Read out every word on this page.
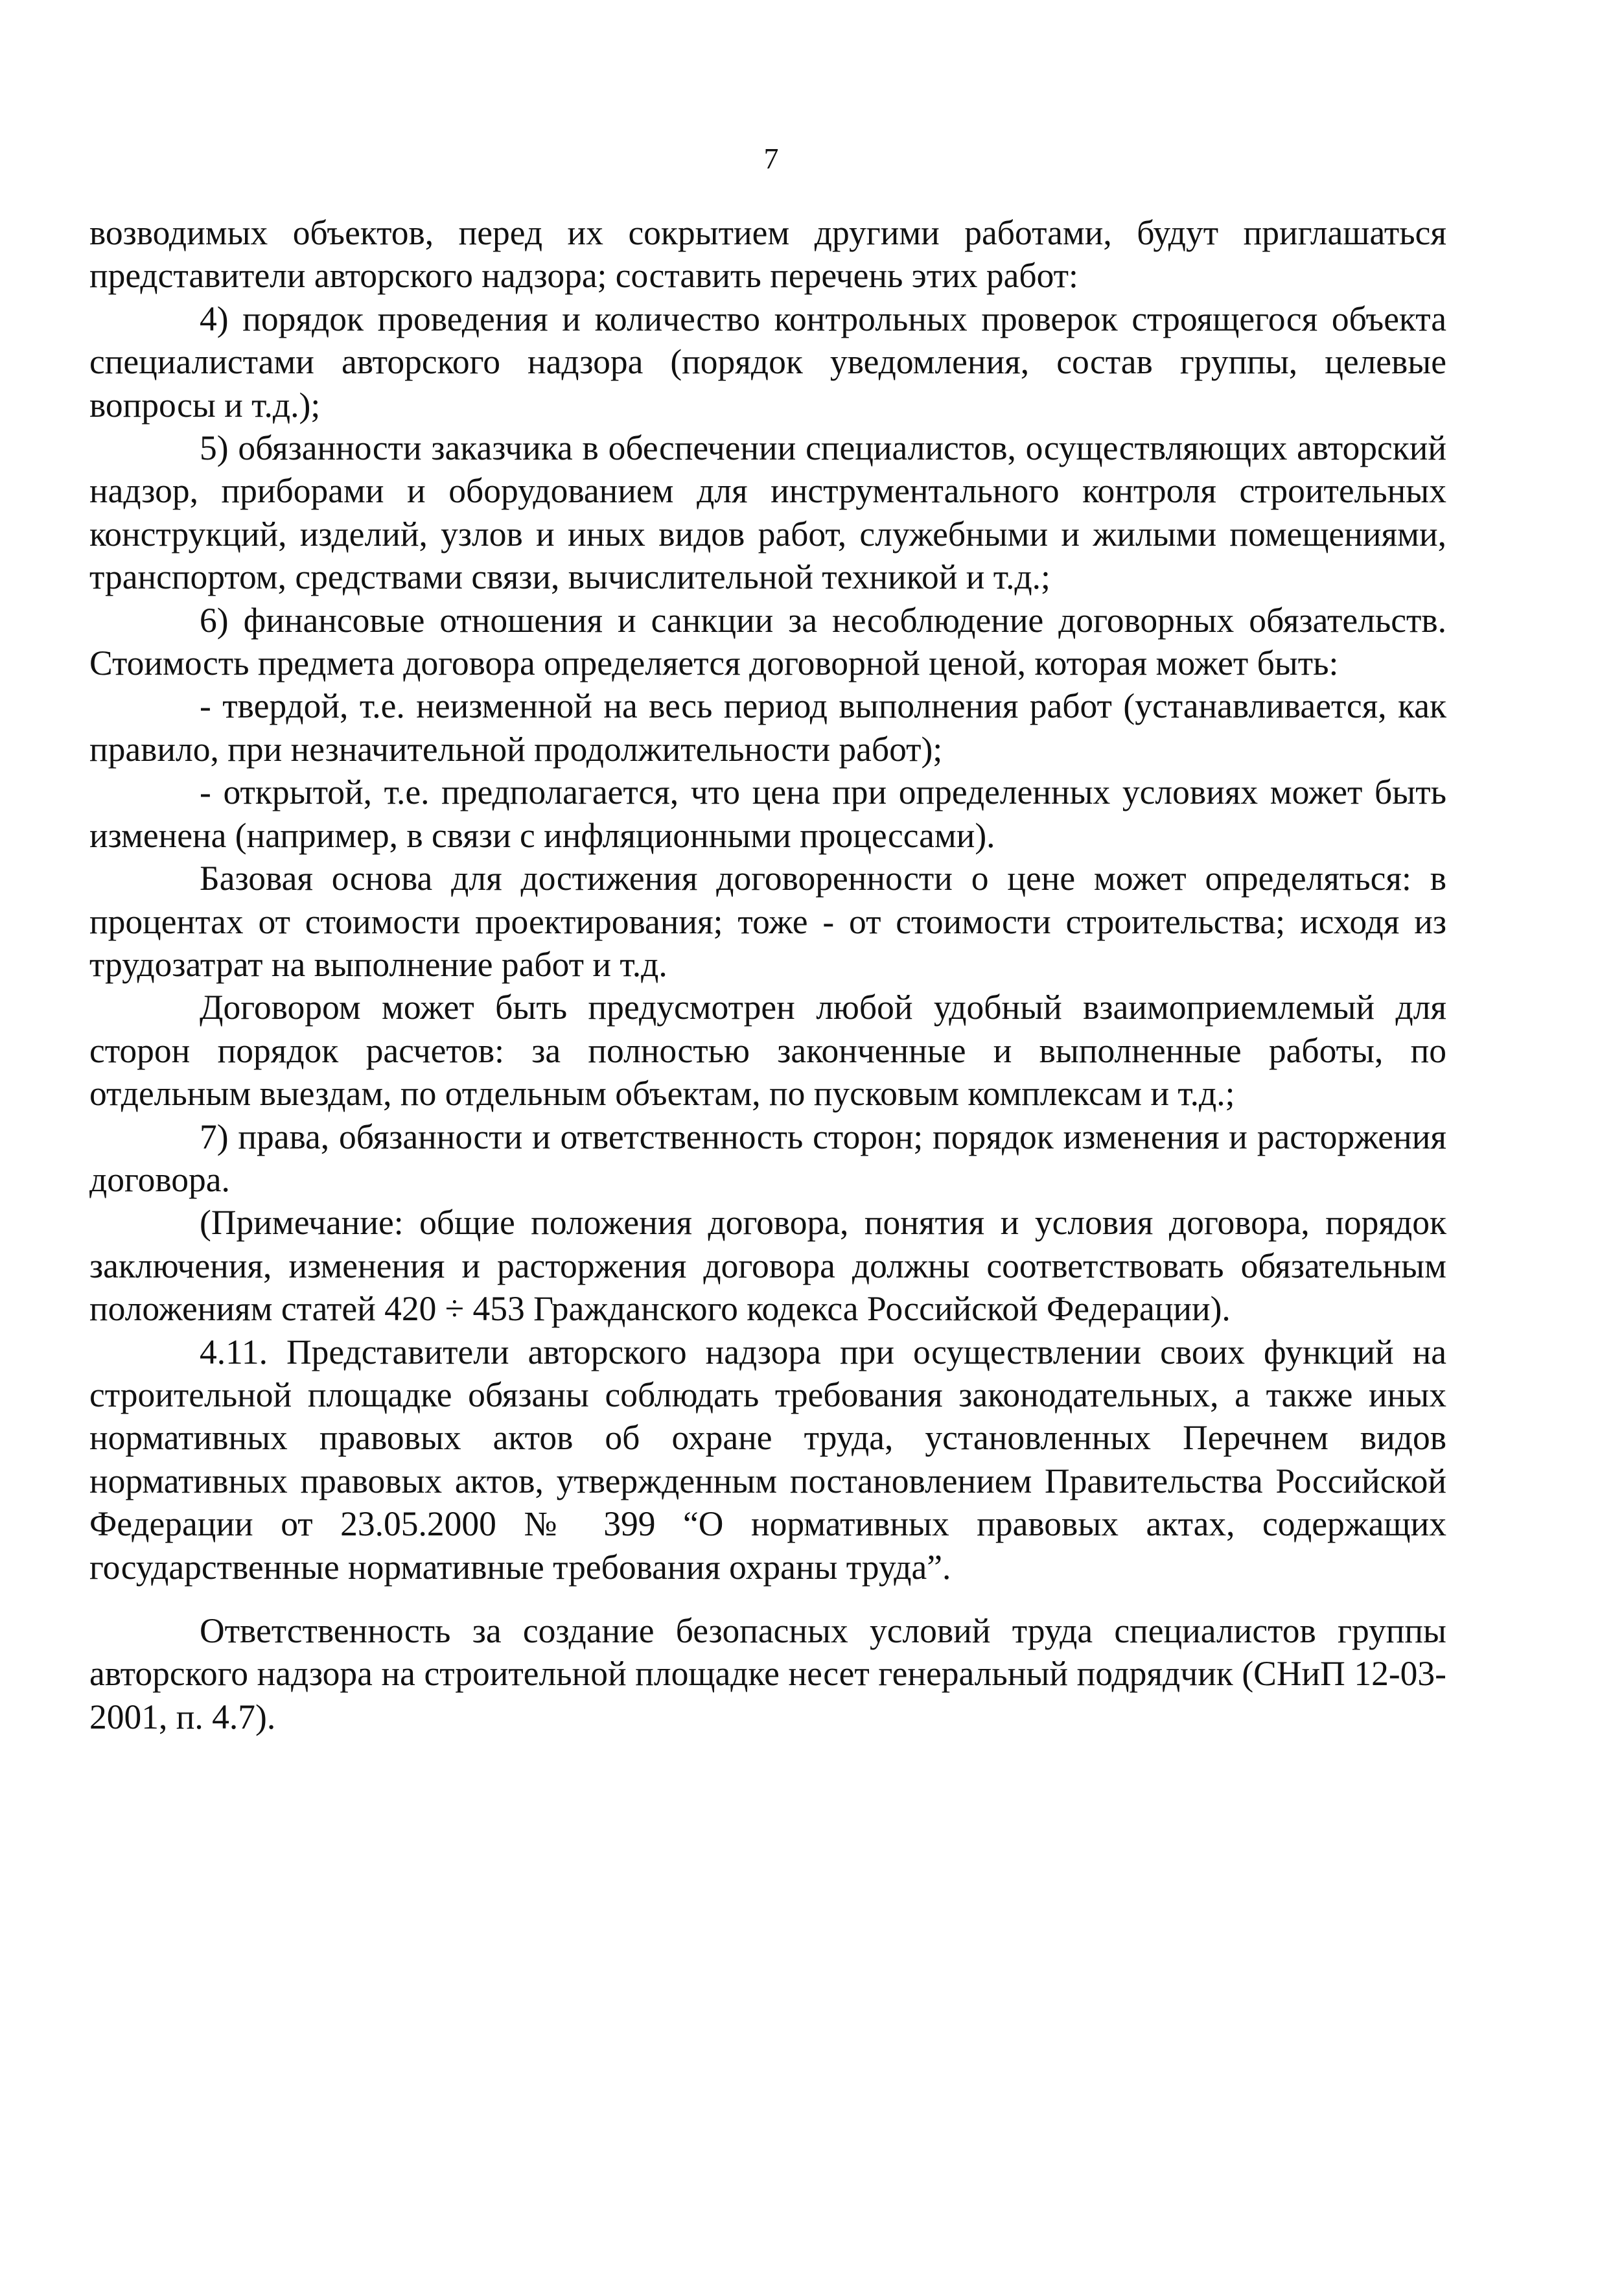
7

возводимых объектов, перед их сокрытием другими работами, будут приглашаться представители авторского надзора; составить перечень этих работ:

4) порядок проведения и количество контрольных проверок строящегося объекта специалистами авторского надзора (порядок уведомления, состав группы, целевые вопросы и т.д.);

5) обязанности заказчика в обеспечении специалистов, осуществляющих авторский надзор, приборами и оборудованием для инструментального контроля строительных конструкций, изделий, узлов и иных видов работ, служебными и жилыми помещениями, транспортом, средствами связи, вычислительной техникой и т.д.;

6) финансовые отношения и санкции за несоблюдение договорных обязательств. Стоимость предмета договора определяется договорной ценой, которая может быть:

- твердой, т.е. неизменной на весь период выполнения работ (устанавливается, как правило, при незначительной продолжительности работ);

- открытой, т.е. предполагается, что цена при определенных условиях может быть изменена (например, в связи с инфляционными процессами).

Базовая основа для достижения договоренности о цене может определяться: в процентах от стоимости проектирования; тоже - от стоимости строительства; исходя из трудозатрат на выполнение работ и т.д.

Договором может быть предусмотрен любой удобный взаимоприемлемый для сторон порядок расчетов: за полностью законченные и выполненные работы, по отдельным выездам, по отдельным объектам, по пусковым комплексам и т.д.;

7) права, обязанности и ответственность сторон; порядок изменения и расторжения договора.

(Примечание: общие положения договора, понятия и условия договора, порядок заключения, изменения и расторжения договора должны соответствовать обязательным положениям статей 420 ÷ 453 Гражданского кодекса Российской Федерации).

4.11. Представители авторского надзора при осуществлении своих функций на строительной площадке обязаны соблюдать требования законодательных, а также иных нормативных правовых актов об охране труда, установленных Перечнем видов нормативных правовых актов, утвержденным постановлением Правительства Российской Федерации от 23.05.2000 № 399 “О нормативных правовых актах, содержащих государственные нормативные требования охраны труда”.

Ответственность за создание безопасных условий труда специалистов группы авторского надзора на строительной площадке несет генеральный подрядчик (СНиП 12-03-2001, п. 4.7).
